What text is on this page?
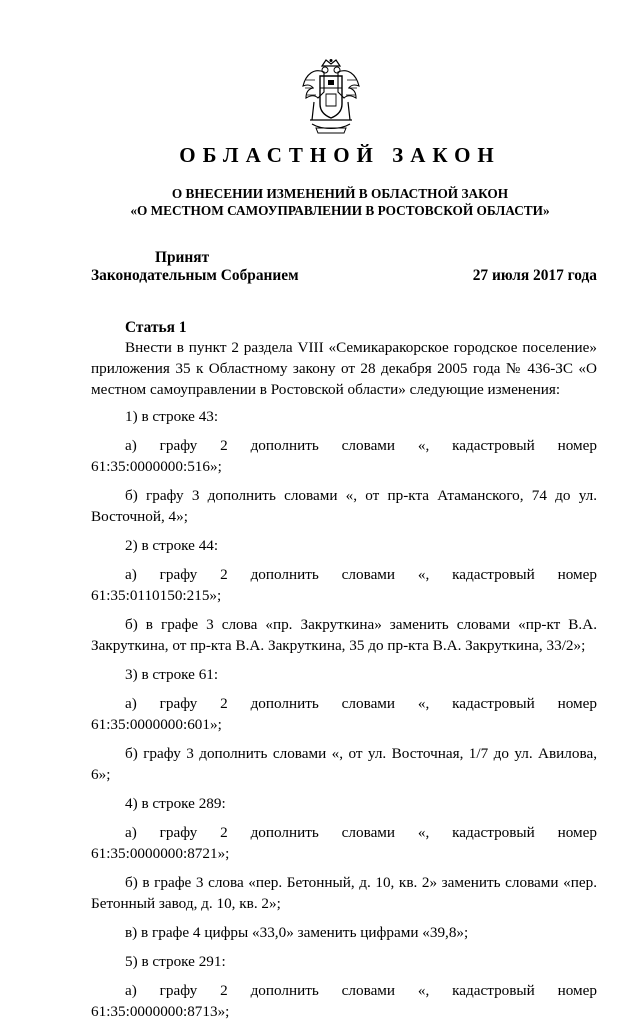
ОБЛАСТНОЙ ЗАКОН
О ВНЕСЕНИИ ИЗМЕНЕНИЙ В ОБЛАСТНОЙ ЗАКОН
«О МЕСТНОМ САМОУПРАВЛЕНИИ В РОСТОВСКОЙ ОБЛАСТИ»
Принят
Законодательным Собранием	27 июля 2017 года
Статья 1

Внести в пункт 2 раздела VIII «Семикаракорское городское поселение» приложения 35 к Областному закону от 28 декабря 2005 года № 436-ЗС «О местном самоуправлении в Ростовской области» следующие изменения:

1) в строке 43:

а) графу 2 дополнить словами «, кадастровый номер 61:35:0000000:516»;

б) графу 3 дополнить словами «, от пр-кта Атаманского, 74 до ул. Восточной, 4»;

2) в строке 44:

а) графу 2 дополнить словами «, кадастровый номер 61:35:0110150:215»;

б) в графе 3 слова «пр. Закруткина» заменить словами «пр-кт В.А. Закруткина, от пр-кта В.А. Закруткина, 35 до пр-кта В.А. Закруткина, 33/2»;

3) в строке 61:

а) графу 2 дополнить словами «, кадастровый номер 61:35:0000000:601»;

б) графу 3 дополнить словами «, от ул. Восточная, 1/7 до ул. Авилова, 6»;

4) в строке 289:

а) графу 2 дополнить словами «, кадастровый номер 61:35:0000000:8721»;

б) в графе 3 слова «пер. Бетонный, д. 10, кв. 2» заменить словами «пер. Бетонный завод, д. 10, кв. 2»;

в) в графе 4 цифры «33,0» заменить цифрами «39,8»;

5) в строке 291:

а) графу 2 дополнить словами «, кадастровый номер 61:35:0000000:8713»;
